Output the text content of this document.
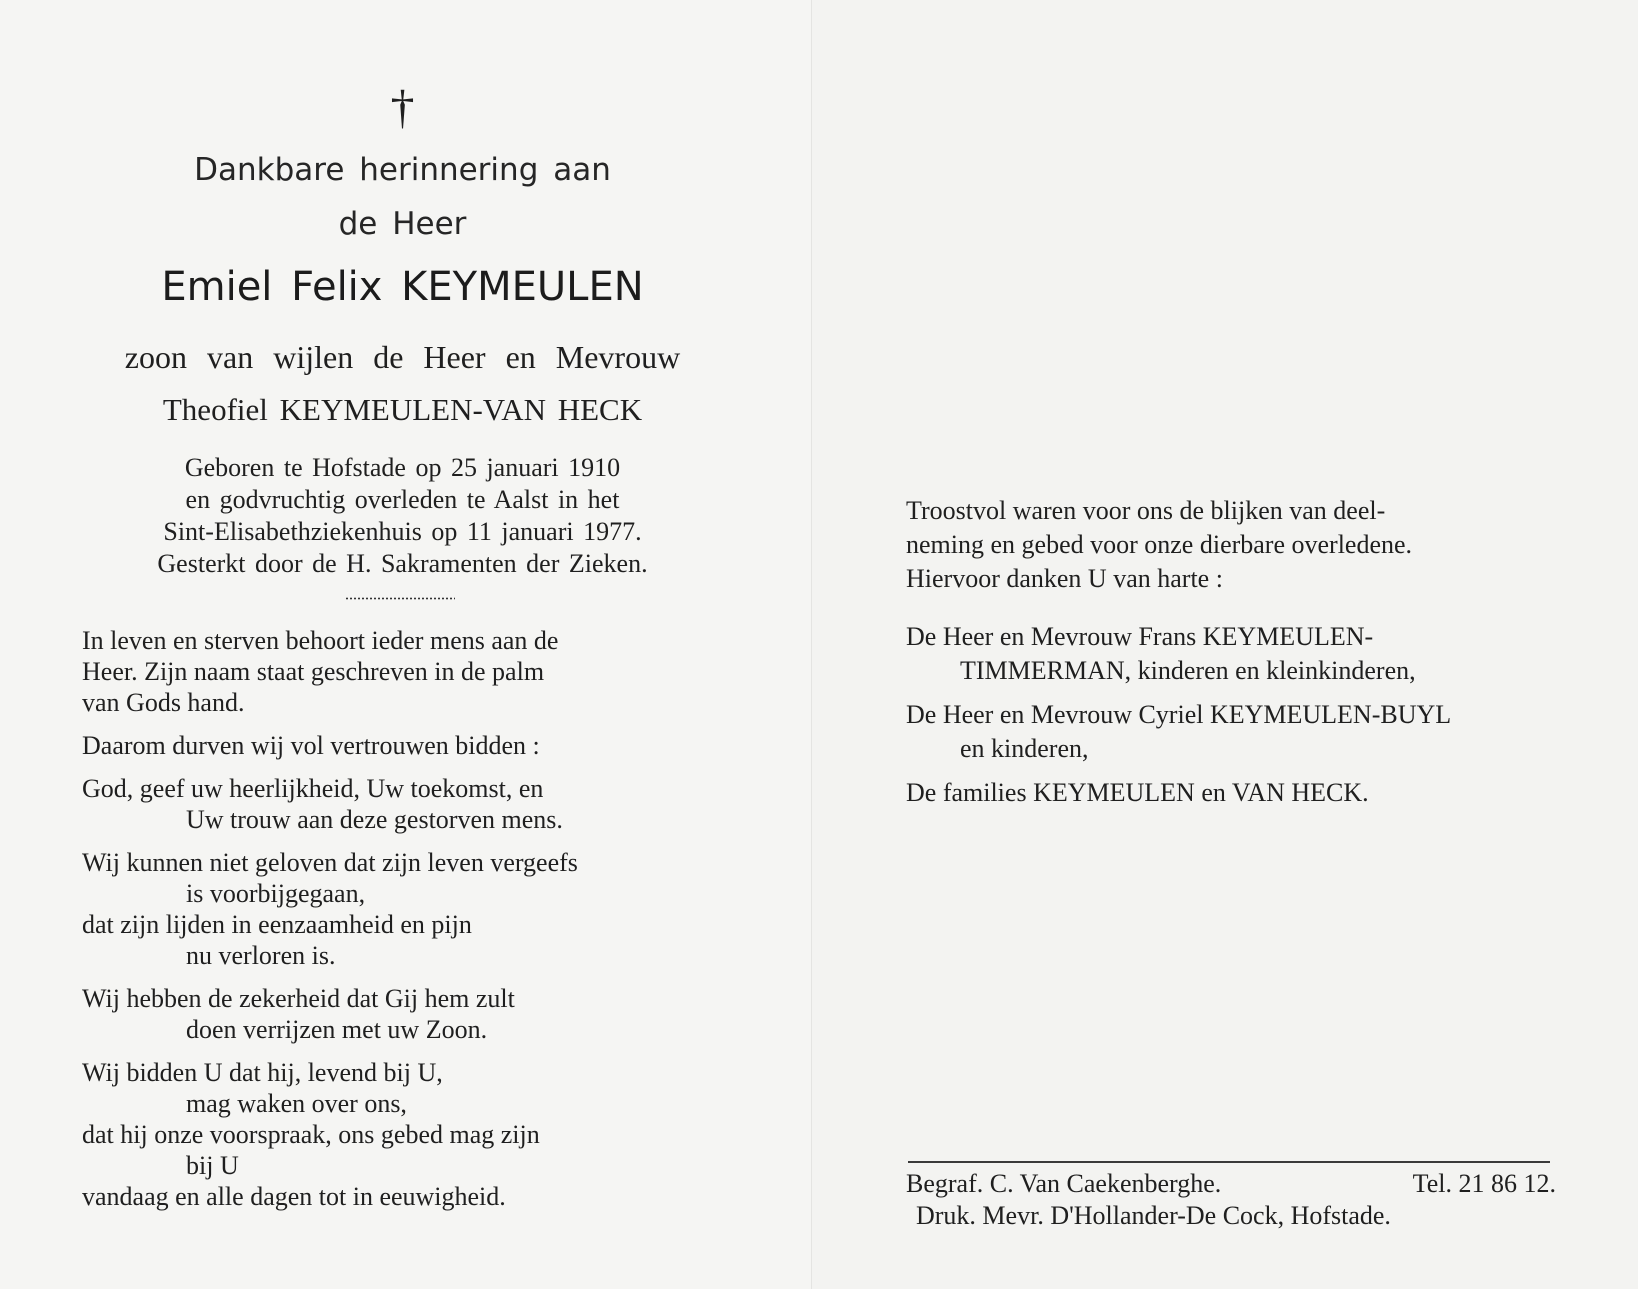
†
Dankbare herinnering aan
de Heer
Emiel Felix KEYMEULEN
zoon van wijlen de Heer en Mevrouw
Theofiel KEYMEULEN-VAN HECK
Geboren te Hofstade op 25 januari 1910
en godvruchtig overleden te Aalst in het
Sint-Elisabethziekenhuis op 11 januari 1977.
Gesterkt door de H. Sakramenten der Zieken.
In leven en sterven behoort ieder mens aan de
Heer. Zijn naam staat geschreven in de palm
van Gods hand.
Daarom durven wij vol vertrouwen bidden :
God, geef uw heerlijkheid, Uw toekomst, en
Uw trouw aan deze gestorven mens.
Wij kunnen niet geloven dat zijn leven vergeefs
is voorbijgegaan,
dat zijn lijden in eenzaamheid en pijn
nu verloren is.
Wij hebben de zekerheid dat Gij hem zult
doen verrijzen met uw Zoon.
Wij bidden U dat hij, levend bij U,
mag waken over ons,
dat hij onze voorspraak, ons gebed mag zijn
bij U
vandaag en alle dagen tot in eeuwigheid.
Troostvol waren voor ons de blijken van deel-
neming en gebed voor onze dierbare overledene.
Hiervoor danken U van harte :
De Heer en Mevrouw Frans KEYMEULEN-
TIMMERMAN, kinderen en kleinkinderen,
De Heer en Mevrouw Cyriel KEYMEULEN-BUYL
en kinderen,
De families KEYMEULEN en VAN HECK.
Begraf. C. Van Caekenberghe.	Tel. 21 86 12.
Druk. Mevr. D'Hollander-De Cock, Hofstade.
